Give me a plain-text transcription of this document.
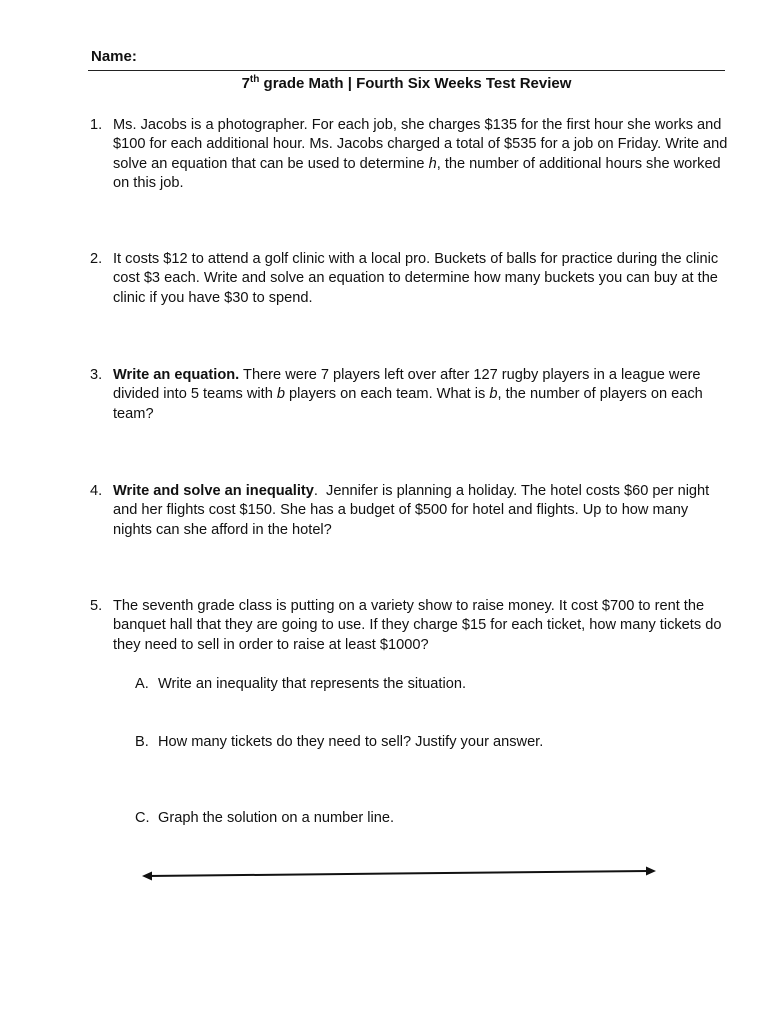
Name:
7th grade Math | Fourth Six Weeks Test Review
1. Ms. Jacobs is a photographer. For each job, she charges $135 for the first hour she works and $100 for each additional hour. Ms. Jacobs charged a total of $535 for a job on Friday. Write and solve an equation that can be used to determine h, the number of additional hours she worked on this job.
2. It costs $12 to attend a golf clinic with a local pro. Buckets of balls for practice during the clinic cost $3 each. Write and solve an equation to determine how many buckets you can buy at the clinic if you have $30 to spend.
3. Write an equation. There were 7 players left over after 127 rugby players in a league were divided into 5 teams with b players on each team. What is b, the number of players on each team?
4. Write and solve an inequality.  Jennifer is planning a holiday. The hotel costs $60 per night and her flights cost $150. She has a budget of $500 for hotel and flights. Up to how many nights can she afford in the hotel?
5. The seventh grade class is putting on a variety show to raise money. It cost $700 to rent the banquet hall that they are going to use. If they charge $15 for each ticket, how many tickets do they need to sell in order to raise at least $1000?
A. Write an inequality that represents the situation.
B. How many tickets do they need to sell? Justify your answer.
C. Graph the solution on a number line.
